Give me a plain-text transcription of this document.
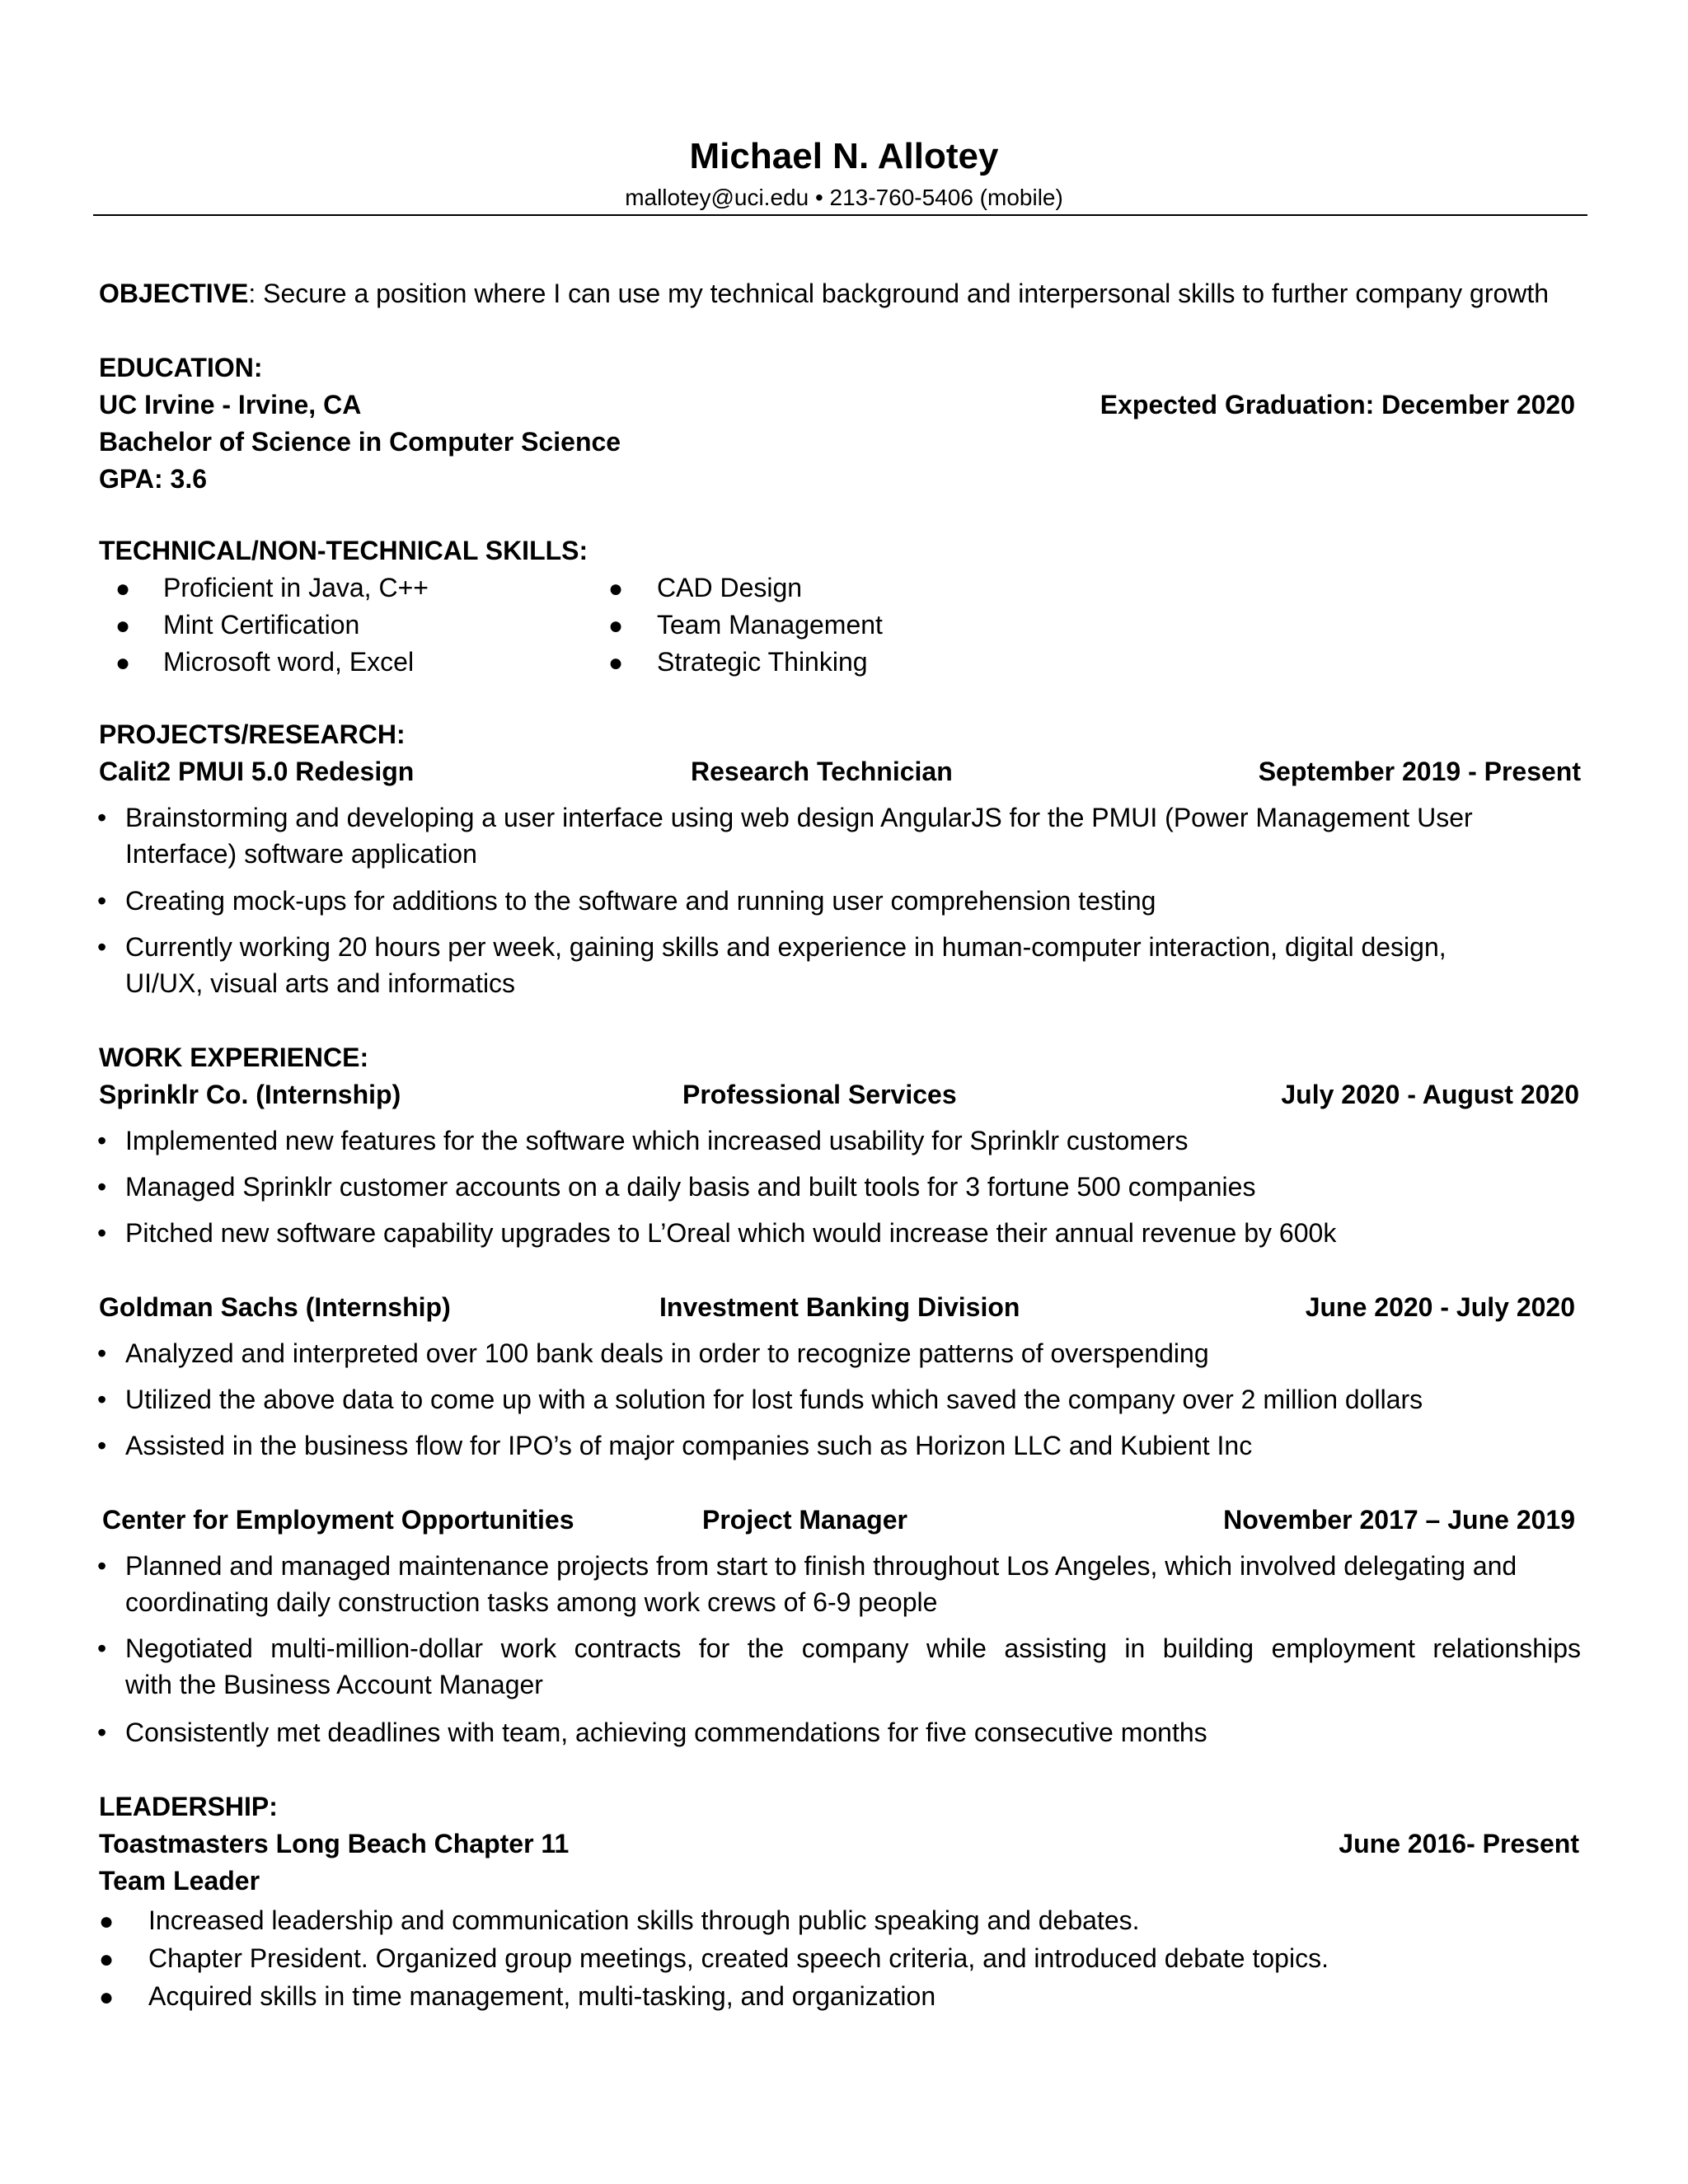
Michael N. Allotey
mallotey@uci.edu • 213-760-5406 (mobile)
OBJECTIVE: Secure a position where I can use my technical background and interpersonal skills to further company growth
EDUCATION:
UC Irvine - Irvine, CA	Expected Graduation: December 2020
Bachelor of Science in Computer Science
GPA: 3.6
TECHNICAL/NON-TECHNICAL SKILLS:
● Proficient in Java, C++
● Mint Certification
● Microsoft word, Excel
● CAD Design
● Team Management
● Strategic Thinking
PROJECTS/RESEARCH:
Calit2 PMUI 5.0 Redesign	Research Technician	September 2019 - Present
• Brainstorming and developing a user interface using web design AngularJS for the PMUI (Power Management User
Interface) software application
• Creating mock-ups for additions to the software and running user comprehension testing
• Currently working 20 hours per week, gaining skills and experience in human-computer interaction, digital design,
UI/UX, visual arts and informatics
WORK EXPERIENCE:
Sprinklr Co. (Internship)	Professional Services	July 2020 - August 2020
• Implemented new features for the software which increased usability for Sprinklr customers
• Managed Sprinklr customer accounts on a daily basis and built tools for 3 fortune 500 companies
• Pitched new software capability upgrades to L’Oreal which would increase their annual revenue by 600k
Goldman Sachs (Internship)	Investment Banking Division	June 2020 - July 2020
• Analyzed and interpreted over 100 bank deals in order to recognize patterns of overspending
• Utilized the above data to come up with a solution for lost funds which saved the company over 2 million dollars
• Assisted in the business flow for IPO’s of major companies such as Horizon LLC and Kubient Inc
Center for Employment Opportunities	Project Manager	November 2017 – June 2019
• Planned and managed maintenance projects from start to finish throughout Los Angeles, which involved delegating and
coordinating daily construction tasks among work crews of 6-9 people
• Negotiated multi-million-dollar work contracts for the company while assisting in building employment relationships
with the Business Account Manager
• Consistently met deadlines with team, achieving commendations for five consecutive months
LEADERSHIP:
Toastmasters Long Beach Chapter 11	June 2016- Present
Team Leader
● Increased leadership and communication skills through public speaking and debates.
● Chapter President. Organized group meetings, created speech criteria, and introduced debate topics.
● Acquired skills in time management, multi-tasking, and organization
